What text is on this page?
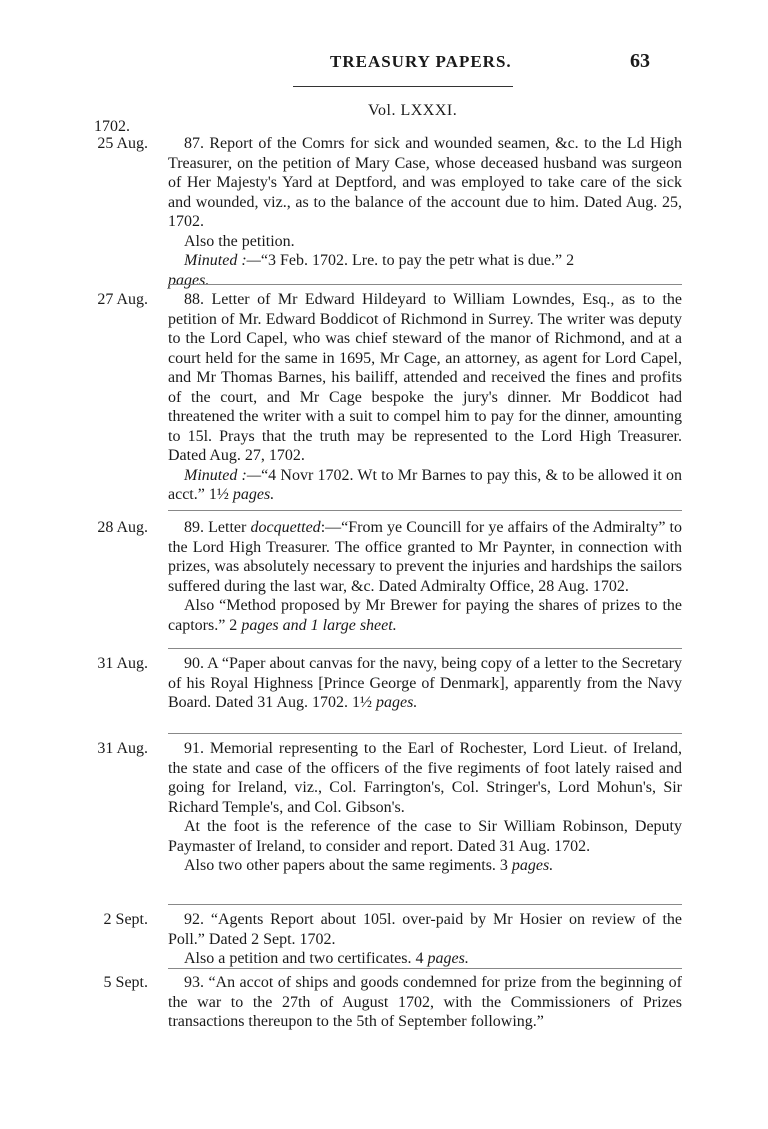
TREASURY PAPERS.	63
Vol. LXXXI.
1702.
25 Aug.	87. Report of the Comrs for sick and wounded seamen, &c. to the Ld High Treasurer, on the petition of Mary Case, whose deceased husband was surgeon of Her Majesty's Yard at Deptford, and was employed to take care of the sick and wounded, viz., as to the balance of the account due to him. Dated Aug. 25, 1702.

Also the petition.

Minuted :—“3 Feb. 1702. Lre. to pay the petr what is due.” 2

pages.

27 Aug.	88. Letter of Mr Edward Hildeyard to William Lowndes, Esq., as to the petition of Mr. Edward Boddicot of Richmond in Surrey. The writer was deputy to the Lord Capel, who was chief steward of the manor of Richmond, and at a court held for the same in 1695, Mr Cage, an attorney, as agent for Lord Capel, and Mr Thomas Barnes, his bailiff, attended and received the fines and profits of the court, and Mr Cage bespoke the jury's dinner. Mr Boddicot had threatened the writer with a suit to compel him to pay for the dinner, amounting to 15l. Prays that the truth may be represented to the Lord High Treasurer. Dated Aug. 27, 1702.

Minuted :—“4 Novr 1702. Wt to Mr Barnes to pay this, & to be allowed it on acct.” 1½ pages.

28 Aug.	89. Letter docquetted:—“From ye Councill for ye affairs of the Admiralty” to the Lord High Treasurer. The office granted to Mr Paynter, in connection with prizes, was absolutely necessary to prevent the injuries and hardships the sailors suffered during the last war, &c. Dated Admiralty Office, 28 Aug. 1702.

Also “Method proposed by Mr Brewer for paying the shares of prizes to the captors.” 2 pages and 1 large sheet.

31 Aug.	90. A “Paper about canvas for the navy, being copy of a letter to the Secretary of his Royal Highness [Prince George of Denmark], apparently from the Navy Board. Dated 31 Aug. 1702. 1½ pages.

31 Aug.	91. Memorial representing to the Earl of Rochester, Lord Lieut. of Ireland, the state and case of the officers of the five regiments of foot lately raised and going for Ireland, viz., Col. Farrington's, Col. Stringer's, Lord Mohun's, Sir Richard Temple's, and Col. Gibson's.

At the foot is the reference of the case to Sir William Robinson, Deputy Paymaster of Ireland, to consider and report. Dated 31 Aug. 1702.

Also two other papers about the same regiments. 3 pages.

2 Sept.	92. “Agents Report about 105l. over-paid by Mr Hosier on review of the Poll.” Dated 2 Sept. 1702.

Also a petition and two certificates. 4 pages.

5 Sept.	93. “An accot of ships and goods condemned for prize from the beginning of the war to the 27th of August 1702, with the Commissioners of Prizes transactions thereupon to the 5th of September following.”
